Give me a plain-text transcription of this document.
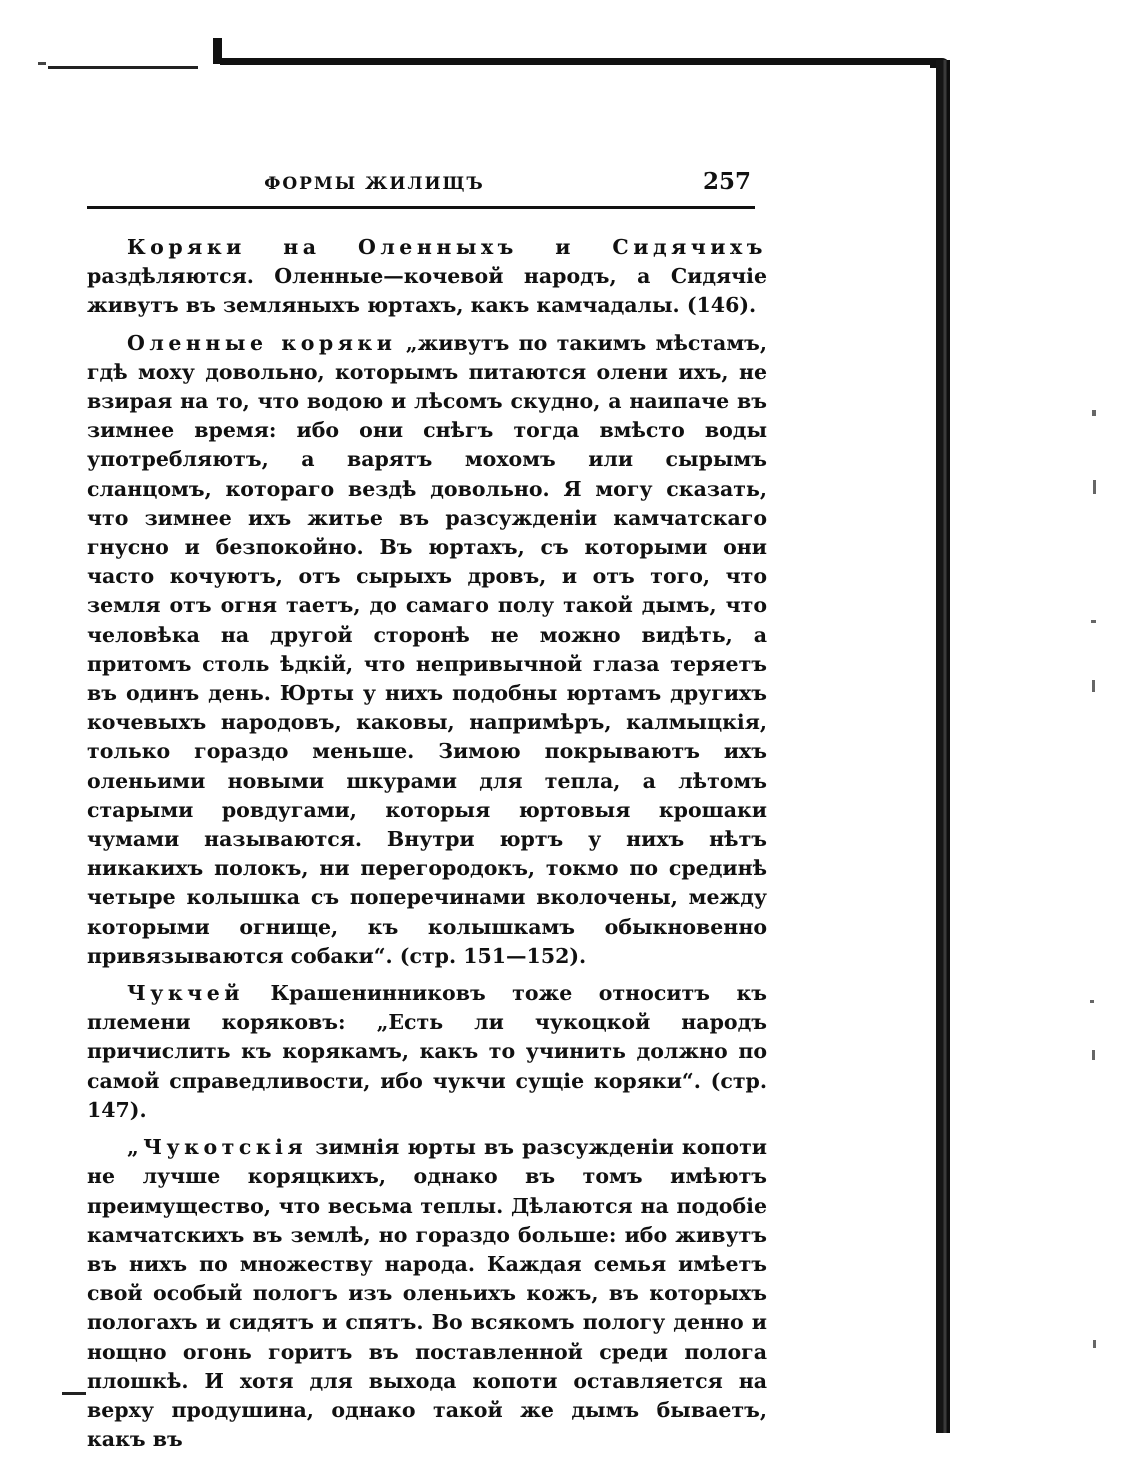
ФОРМЫ ЖИЛИЩЪ	257

Коряки на Оленныхъ и Сидячихъ раздѣляются. Оленные—кочевой народъ, а Сидячіе живутъ въ земляныхъ юртахъ, какъ камчадалы. (146).

Оленные коряки „живутъ по такимъ мѣстамъ, гдѣ моху довольно, которымъ питаются олени ихъ, не взирая на то, что водою и лѣсомъ скудно, а наипаче въ зимнее время: ибо они снѣгъ тогда вмѣсто воды употребляютъ, а варятъ мохомъ или сырымъ сланцомъ, котораго вездѣ довольно. Я могу сказать, что зимнее ихъ житье въ разсужденіи камчатскаго гнусно и безпокойно. Въ юртахъ, съ которыми они часто кочуютъ, отъ сырыхъ дровъ, и отъ того, что земля отъ огня таетъ, до самаго полу такой дымъ, что человѣка на другой сторонѣ не можно видѣть, а притомъ столь ѣдкій, что непривычной глаза теряетъ въ одинъ день. Юрты у нихъ подобны юртамъ другихъ кочевыхъ народовъ, каковы, напримѣръ, калмыцкія, только гораздо меньше. Зимою покрываютъ ихъ оленьими новыми шкурами для тепла, а лѣтомъ старыми ровдугами, которыя юртовыя крошаки чумами называются. Внутри юртъ у нихъ нѣтъ никакихъ полокъ, ни перегородокъ, токмо по срединѣ четыре колышка съ поперечинами вколочены, между которыми огнище, къ колышкамъ обыкновенно привязываются собаки“. (стр. 151—152).

Чукчей Крашенинниковъ тоже относитъ къ племени коряковъ: „Есть ли чукоцкой народъ причислить къ корякамъ, какъ то учинить должно по самой справедливости, ибо чукчи сущіе коряки“. (стр. 147).

„Чукотскія зимнія юрты въ разсужденіи копоти не лучше коряцкихъ, однако въ томъ имѣютъ преимущество, что весьма теплы. Дѣлаются на подобіе камчатскихъ въ землѣ, но гораздо больше: ибо живутъ въ нихъ по множеству народа. Каждая семья имѣетъ свой особый пологъ изъ оленьихъ кожъ, въ которыхъ пологахъ и сидятъ и спятъ. Во всякомъ пологу денно и нощно огонь горитъ въ поставленной среди полога плошкѣ. И хотя для выхода копоти оставляется на верху продушина, однако такой же дымъ бываетъ, какъ въ
